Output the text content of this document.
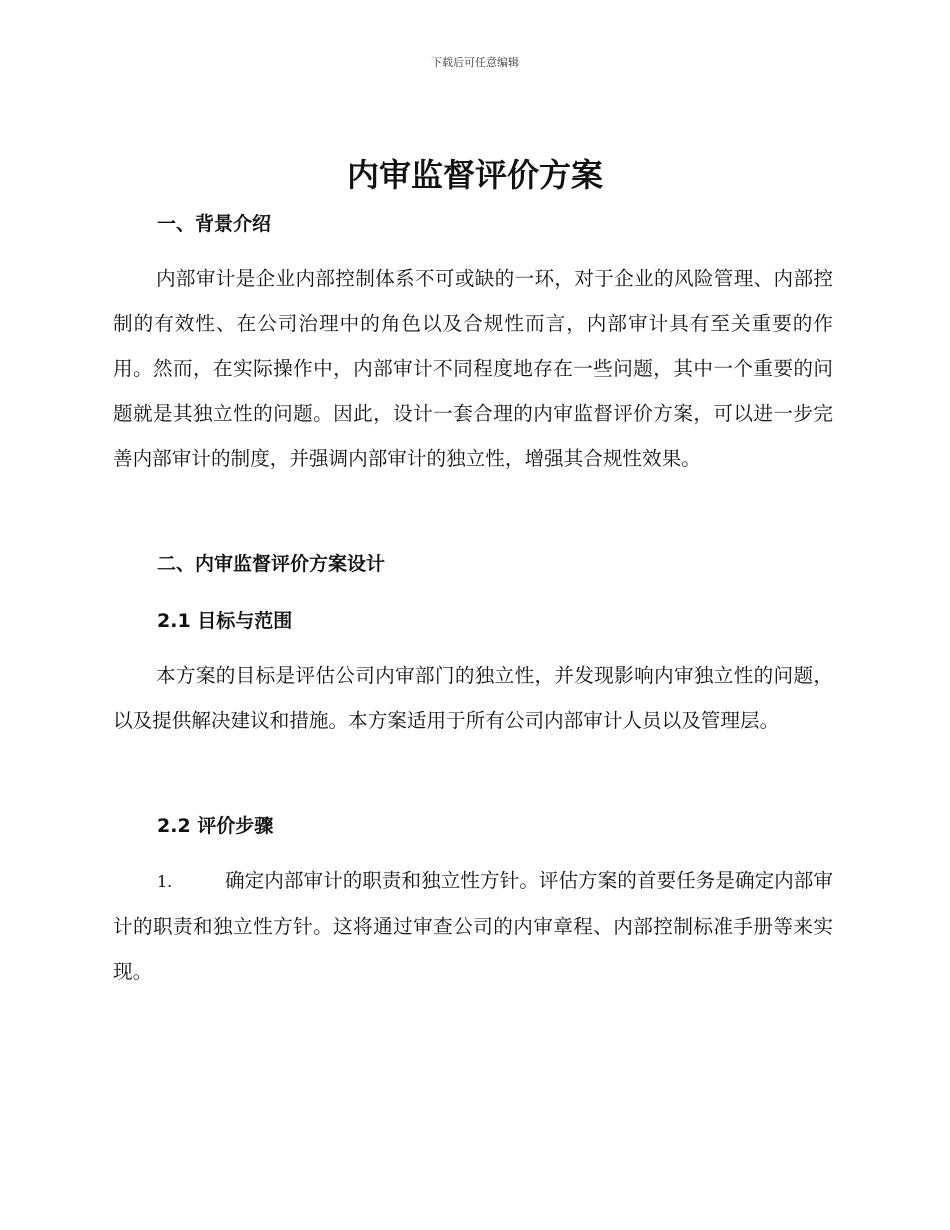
下载后可任意编辑
内审监督评价方案
一、背景介绍

内部审计是企业内部控制体系不可或缺的一环，对于企业的风险管理、内部控制的有效性、在公司治理中的角色以及合规性而言，内部审计具有至关重要的作用。然而，在实际操作中，内部审计不同程度地存在一些问题，其中一个重要的问题就是其独立性的问题。因此，设计一套合理的内审监督评价方案，可以进一步完善内部审计的制度，并强调内部审计的独立性，增强其合规性效果。

二、内审监督评价方案设计
2.1 目标与范围

本方案的目标是评估公司内审部门的独立性，并发现影响内审独立性的问题，以及提供解决建议和措施。本方案适用于所有公司内部审计人员以及管理层。

2.2 评价步骤

1.	确定内部审计的职责和独立性方针。评估方案的首要任务是确定内部审计的职责和独立性方针。这将通过审查公司的内审章程、内部控制标准手册等来实现。
